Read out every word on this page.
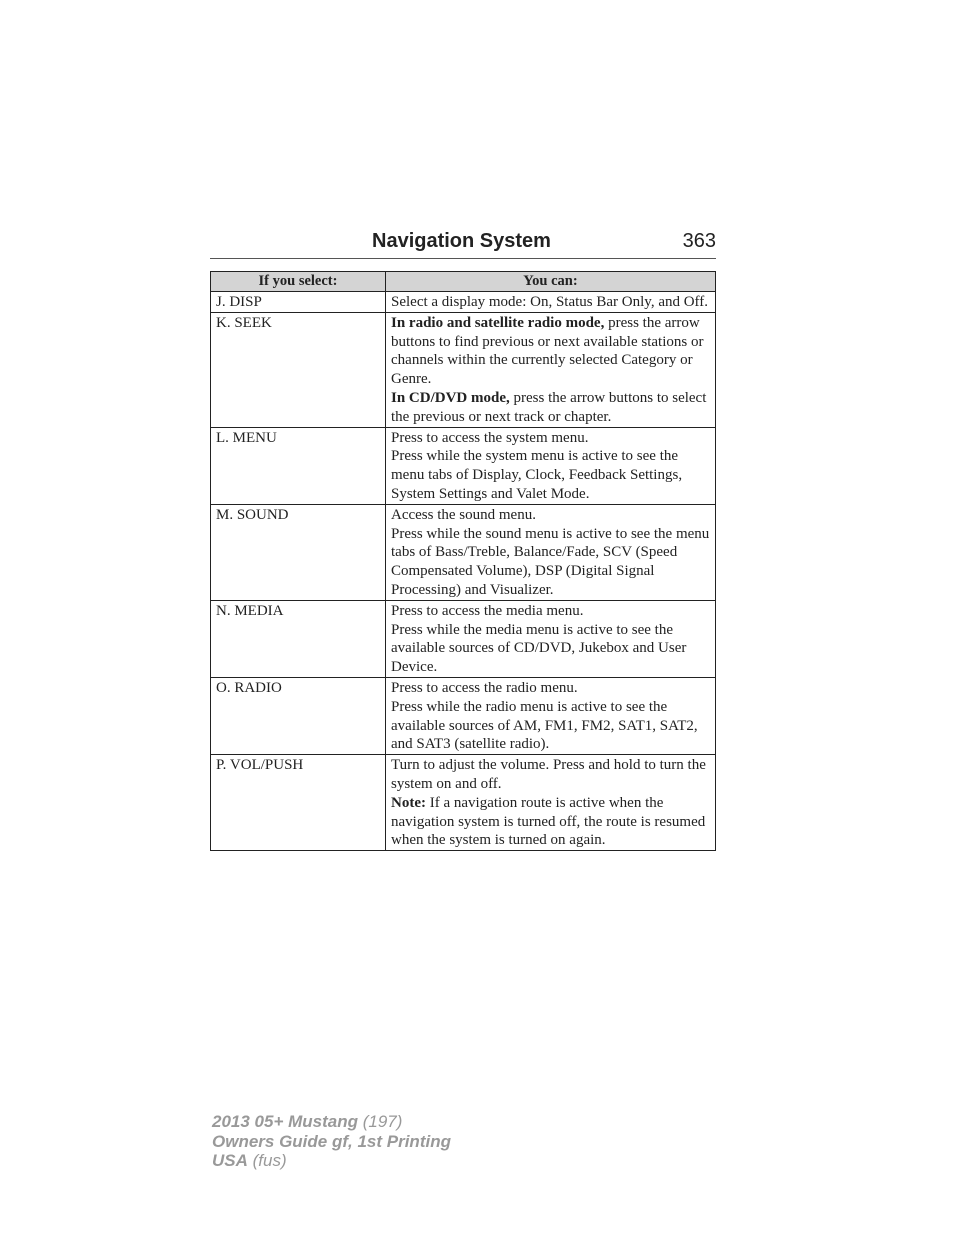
Navigation System	363
If you select:	You can:
J. DISP	Select a display mode: On, Status Bar Only, and Off.

K. SEEK	In radio and satellite radio mode, press the arrow buttons to find previous or next available stations or channels within the currently selected Category or Genre.
In CD/DVD mode, press the arrow buttons to select the previous or next track or chapter.

L. MENU	Press to access the system menu.
Press while the system menu is active to see the menu tabs of Display, Clock, Feedback Settings, System Settings and Valet Mode.

M. SOUND	Access the sound menu.
Press while the sound menu is active to see the menu tabs of Bass/Treble, Balance/Fade, SCV (Speed Compensated Volume), DSP (Digital Signal Processing) and Visualizer.

N. MEDIA	Press to access the media menu.
Press while the media menu is active to see the available sources of CD/DVD, Jukebox and User Device.

O. RADIO	Press to access the radio menu.
Press while the radio menu is active to see the available sources of AM, FM1, FM2, SAT1, SAT2, and SAT3 (satellite radio).

P. VOL/PUSH	Turn to adjust the volume. Press and hold to turn the system on and off.
Note: If a navigation route is active when the navigation system is turned off, the route is resumed when the system is turned on again.
2013 05+ Mustang (197)
Owners Guide gf, 1st Printing
USA (fus)
